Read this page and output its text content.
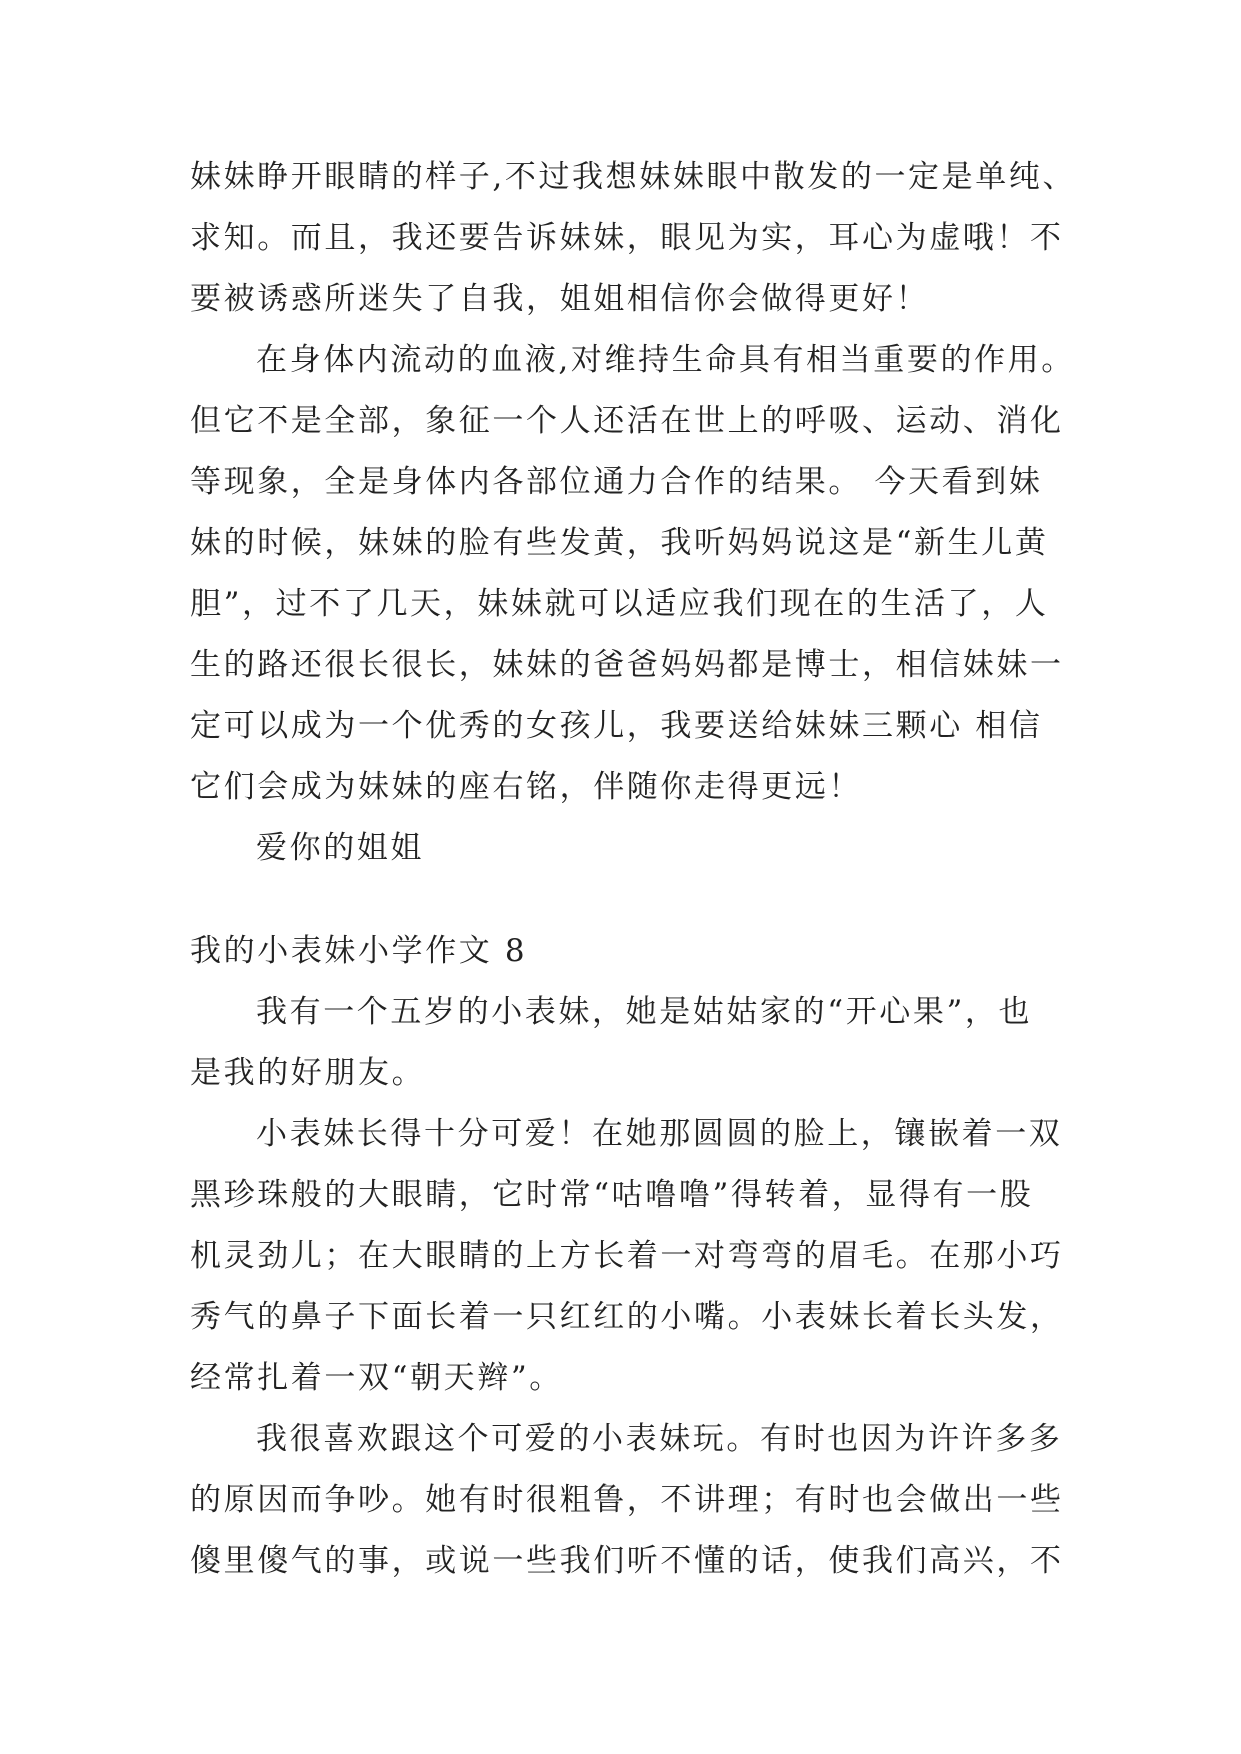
妹妹睁开眼睛的样子,不过我想妹妹眼中散发的一定是单纯、
求知。而且，我还要告诉妹妹，眼见为实，耳心为虚哦！不
要被诱惑所迷失了自我，姐姐相信你会做得更好！
在身体内流动的血液,对维持生命具有相当重要的作用。
但它不是全部，象征一个人还活在世上的呼吸、运动、消化
等现象，全是身体内各部位通力合作的结果。 今天看到妹
妹的时候，妹妹的脸有些发黄，我听妈妈说这是“新生儿黄
胆”，过不了几天，妹妹就可以适应我们现在的生活了，人
生的路还很长很长，妹妹的爸爸妈妈都是博士，相信妹妹一
定可以成为一个优秀的女孩儿，我要送给妹妹三颗心 相信
它们会成为妹妹的座右铭，伴随你走得更远！
爱你的姐姐
我的小表妹小学作文 8
我有一个五岁的小表妹，她是姑姑家的“开心果”，也
是我的好朋友。
小表妹长得十分可爱！在她那圆圆的脸上，镶嵌着一双
黑珍珠般的大眼睛，它时常“咕噜噜”得转着，显得有一股
机灵劲儿；在大眼睛的上方长着一对弯弯的眉毛。在那小巧
秀气的鼻子下面长着一只红红的小嘴。小表妹长着长头发，
经常扎着一双“朝天辫”。
我很喜欢跟这个可爱的小表妹玩。有时也因为许许多多
的原因而争吵。她有时很粗鲁，不讲理；有时也会做出一些
傻里傻气的事，或说一些我们听不懂的话，使我们高兴，不
